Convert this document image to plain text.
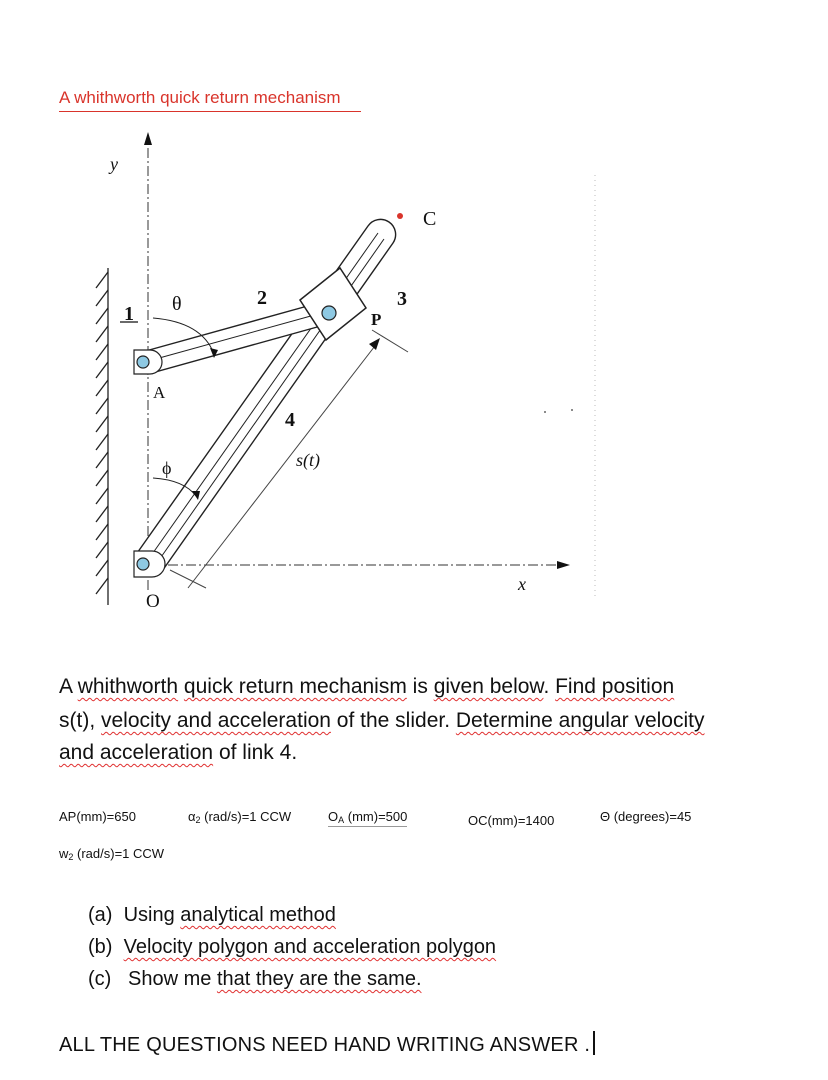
A whithworth quick return mechanism
y
x
1 θ	2	3
C
P
A
4
s(t)
ϕ
O
A whithworth quick return mechanism is given below. Find position
s(t), velocity and acceleration of the slider. Determine angular velocity
and acceleration of link 4.
AP(mm)=650	$\alpha_2$ (rad/s)=1 CCW	$O_A$ (mm)=500	OC(mm)=1400	Θ (degrees)=45
$w_2$ (rad/s)=1 CCW
(a) Using analytical method
(b) Velocity polygon and acceleration polygon
(c) Show me that they are the same.
ALL THE QUESTIONS NEED HAND WRITING ANSWER .
